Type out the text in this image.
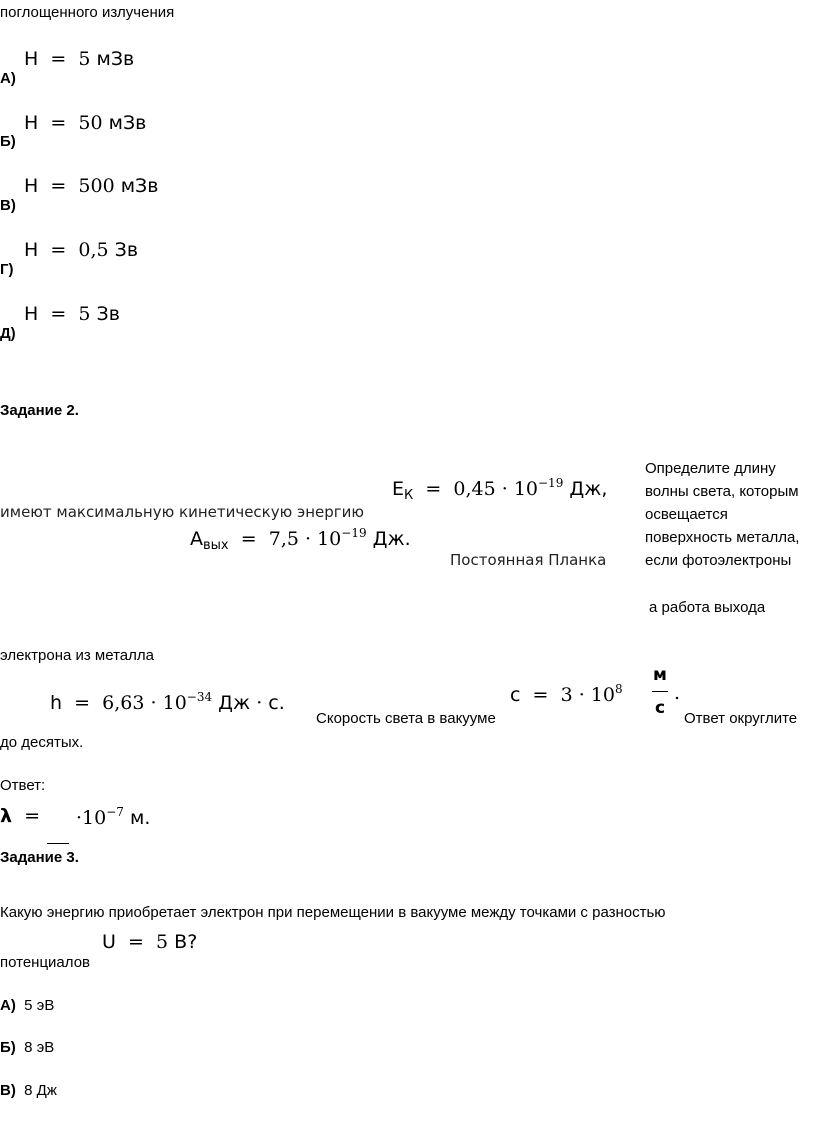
поглощенного излучения
А)
H = 5 мЗв
Б)
H = 50 мЗв
В)
H = 500 мЗв
Г)
H = 0,5 Зв
Д)
H = 5 Зв
Задание 2.
Определите длину
волны света, которым
освещается
поверхность металла,
если фотоэлектроны
$E_К = 0,45 \cdot 10^{-19}$ Дж,
имеют максимальную кинетическую энергию
$A_{вых} = 7,5 \cdot 10^{-19}$ Дж.
Постоянная Планка
а работа выхода
электрона из металла
$h = 6,63 \cdot 10^{-34}$ Дж · с.
Скорость света в вакууме
$c = 3 \cdot 10^8$
м
с
.
Ответ округлите
до десятых.
Ответ:
$\lambda = \cdot 10^{-7}$ м.
Задание 3.
Какую энергию приобретает электрон при перемещении в вакууме между точками с разностью
U = 5 В?
потенциалов
А) 5 эВ
Б) 8 эВ
В) 8 Дж
